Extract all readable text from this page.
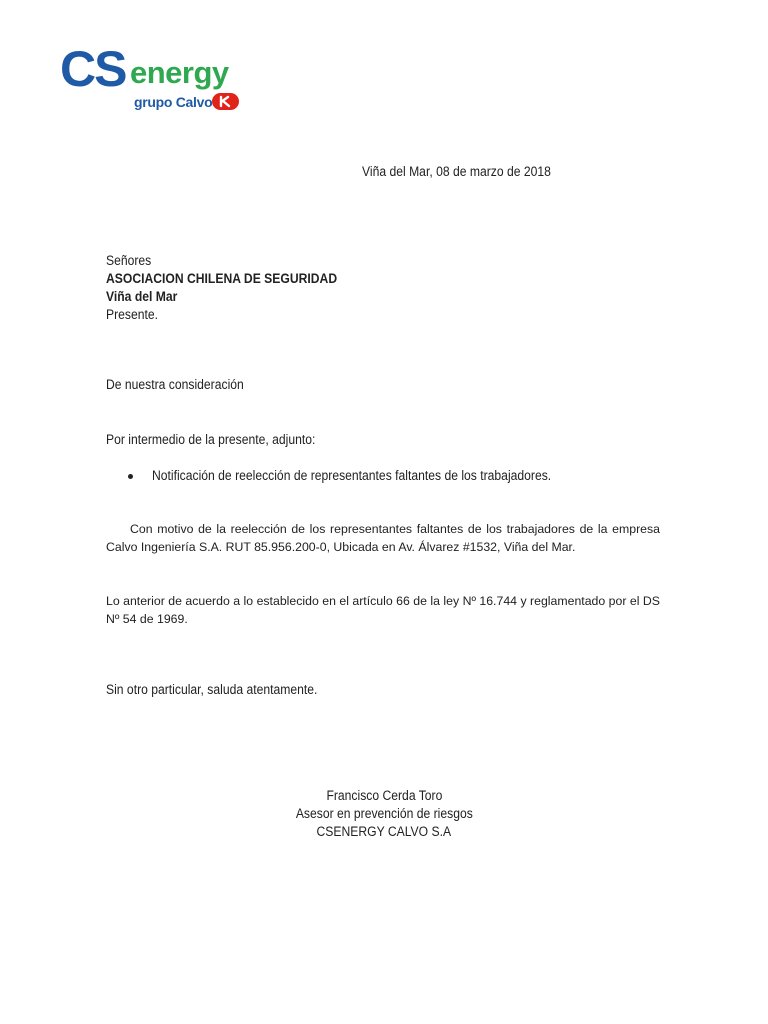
CS energy
grupo Calvo
Viña del Mar, 08 de marzo de 2018
Señores
ASOCIACION CHILENA DE SEGURIDAD
Viña del Mar
Presente.
De nuestra consideración
Por intermedio de la presente, adjunto:
Notificación de reelección de representantes faltantes de los trabajadores.
Con motivo de la reelección de los representantes faltantes de los trabajadores de la empresa Calvo Ingeniería S.A. RUT 85.956.200-0, Ubicada en Av. Álvarez #1532, Viña del Mar.
Lo anterior de acuerdo a lo establecido en el artículo 66 de la ley Nº 16.744 y reglamentado por el DS Nº 54 de 1969.
Sin otro particular, saluda atentamente.
Francisco Cerda Toro
Asesor en prevención de riesgos
CSENERGY CALVO S.A
